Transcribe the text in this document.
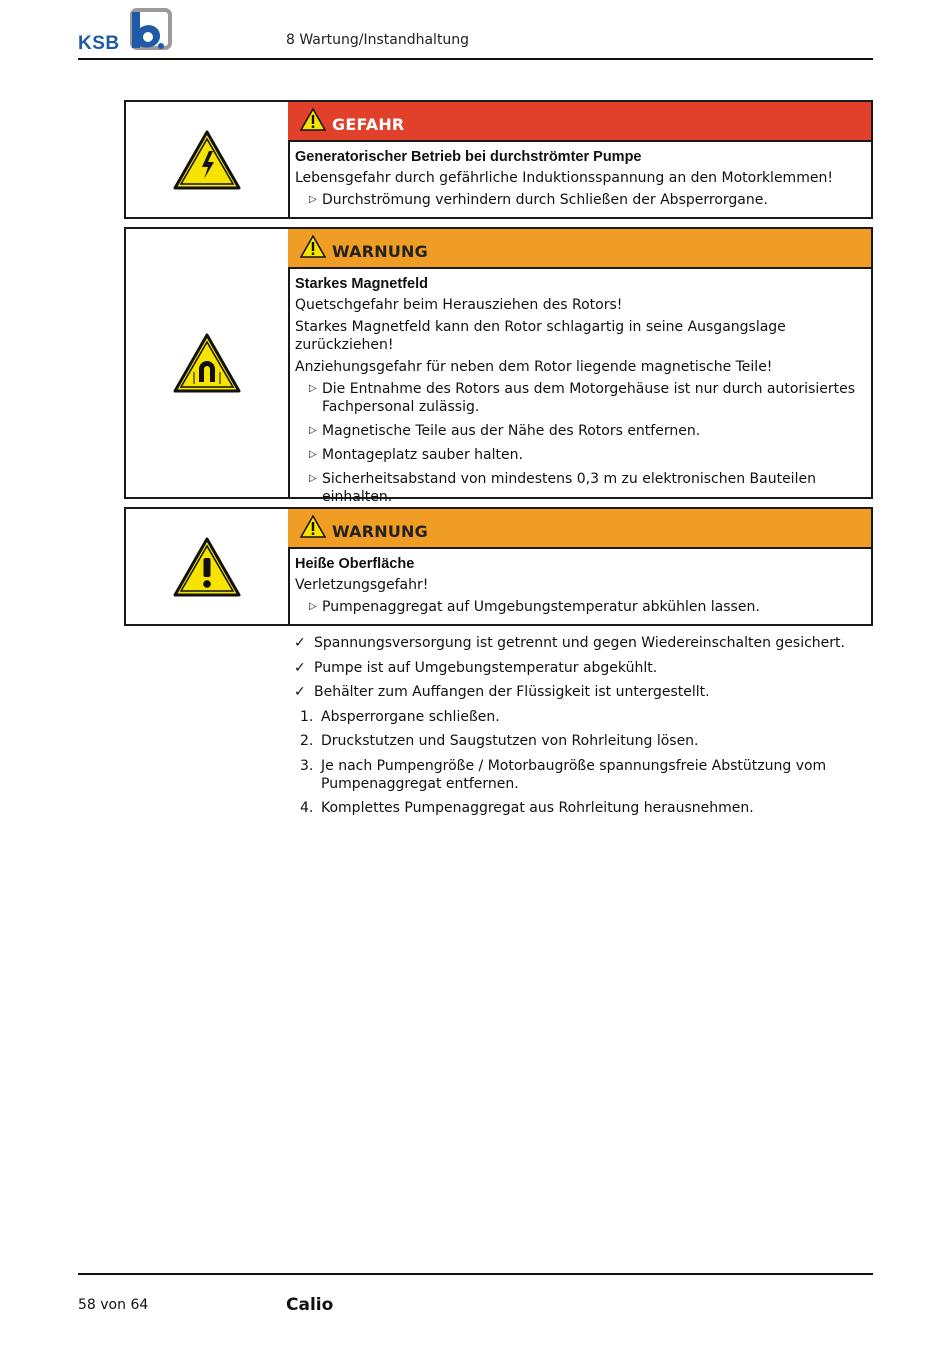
KSB	8 Wartung/Instandhaltung
GEFAHR
Generatorischer Betrieb bei durchströmter Pumpe
Lebensgefahr durch gefährliche Induktionsspannung an den Motorklemmen!
▷ Durchströmung verhindern durch Schließen der Absperrorgane.
WARNUNG
Starkes Magnetfeld
Quetschgefahr beim Herausziehen des Rotors!
Starkes Magnetfeld kann den Rotor schlagartig in seine Ausgangslage zurückziehen!
Anziehungsgefahr für neben dem Rotor liegende magnetische Teile!
▷ Die Entnahme des Rotors aus dem Motorgehäuse ist nur durch autorisiertes Fachpersonal zulässig.
▷ Magnetische Teile aus der Nähe des Rotors entfernen.
▷ Montageplatz sauber halten.
▷ Sicherheitsabstand von mindestens 0,3 m zu elektronischen Bauteilen einhalten.
WARNUNG
Heiße Oberfläche
Verletzungsgefahr!
▷ Pumpenaggregat auf Umgebungstemperatur abkühlen lassen.
✓ Spannungsversorgung ist getrennt und gegen Wiedereinschalten gesichert.
✓ Pumpe ist auf Umgebungstemperatur abgekühlt.
✓ Behälter zum Auffangen der Flüssigkeit ist untergestellt.
1. Absperrorgane schließen.
2. Druckstutzen und Saugstutzen von Rohrleitung lösen.
3. Je nach Pumpengröße / Motorbaugröße spannungsfreie Abstützung vom Pumpenaggregat entfernen.
4. Komplettes Pumpenaggregat aus Rohrleitung herausnehmen.
58 von 64	Calio
